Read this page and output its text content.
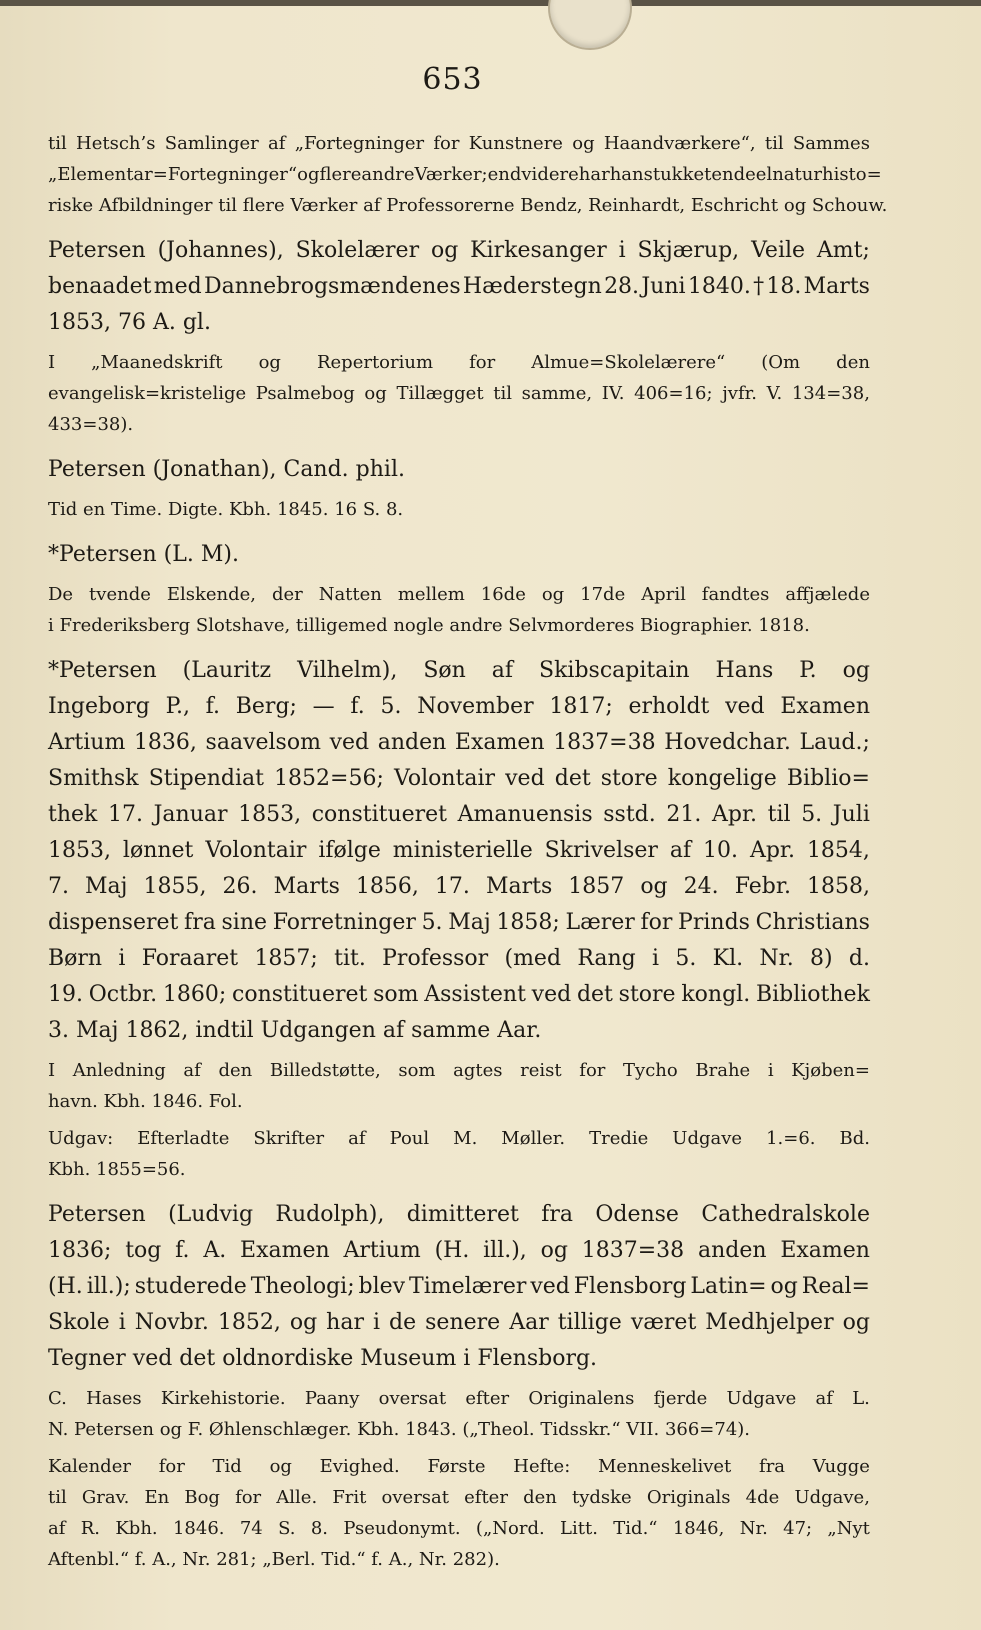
653
til Hetsch’s Samlinger af „Fortegninger for Kunstnere og Haandværkere“, til Sammes
„Elementar=Fortegninger“ og flere andre Værker; endvidere har han stukket endeel naturhisto=
riske Afbildninger til flere Værker af Professorerne Bendz, Reinhardt, Eschricht og Schouw.
Petersen (Johannes), Skolelærer og Kirkesanger i Skjærup, Veile Amt;
benaadet med Dannebrogsmændenes Hæderstegn 28. Juni 1840. † 18. Marts
1853, 76 A. gl.
I „Maanedskrift og Repertorium for Almue=Skolelærere“ (Om den
evangelisk=kristelige Psalmebog og Tillægget til samme, IV. 406=16; jvfr. V. 134=38,
433=38).
Petersen (Jonathan), Cand. phil.
Tid en Time. Digte. Kbh. 1845. 16 S. 8.
*Petersen (L. M).
De tvende Elskende, der Natten mellem 16de og 17de April fandtes affjælede
i Frederiksberg Slotshave, tilligemed nogle andre Selvmorderes Biographier. 1818.
*Petersen (Lauritz Vilhelm), Søn af Skibscapitain Hans P. og
Ingeborg P., f. Berg; — f. 5. November 1817; erholdt ved Examen
Artium 1836, saavelsom ved anden Examen 1837=38 Hovedchar. Laud.;
Smithsk Stipendiat 1852=56; Volontair ved det store kongelige Biblio=
thek 17. Januar 1853, constitueret Amanuensis sstd. 21. Apr. til 5. Juli
1853, lønnet Volontair ifølge ministerielle Skrivelser af 10. Apr. 1854,
7. Maj 1855, 26. Marts 1856, 17. Marts 1857 og 24. Febr. 1858,
dispenseret fra sine Forretninger 5. Maj 1858; Lærer for Prinds Christians
Børn i Foraaret 1857; tit. Professor (med Rang i 5. Kl. Nr. 8) d.
19. Octbr. 1860; constitueret som Assistent ved det store kongl. Bibliothek
3. Maj 1862, indtil Udgangen af samme Aar.
I Anledning af den Billedstøtte, som agtes reist for Tycho Brahe i Kjøben=
havn. Kbh. 1846. Fol.
Udgav: Efterladte Skrifter af Poul M. Møller. Tredie Udgave 1.=6. Bd.
Kbh. 1855=56.
Petersen (Ludvig Rudolph), dimitteret fra Odense Cathedralskole
1836; tog f. A. Examen Artium (H. ill.), og 1837=38 anden Examen
(H. ill.); studerede Theologi; blev Timelærer ved Flensborg Latin= og Real=
Skole i Novbr. 1852, og har i de senere Aar tillige været Medhjelper og
Tegner ved det oldnordiske Museum i Flensborg.
C. Hases Kirkehistorie. Paany oversat efter Originalens fjerde Udgave af L.
N. Petersen og F. Øhlenschlæger. Kbh. 1843. („Theol. Tidsskr.“ VII. 366=74).
Kalender for Tid og Evighed. Første Hefte: Menneskelivet fra Vugge
til Grav. En Bog for Alle. Frit oversat efter den tydske Originals 4de Udgave,
af R. Kbh. 1846. 74 S. 8. Pseudonymt. („Nord. Litt. Tid.“ 1846, Nr. 47; „Nyt
Aftenbl.“ f. A., Nr. 281; „Berl. Tid.“ f. A., Nr. 282).
